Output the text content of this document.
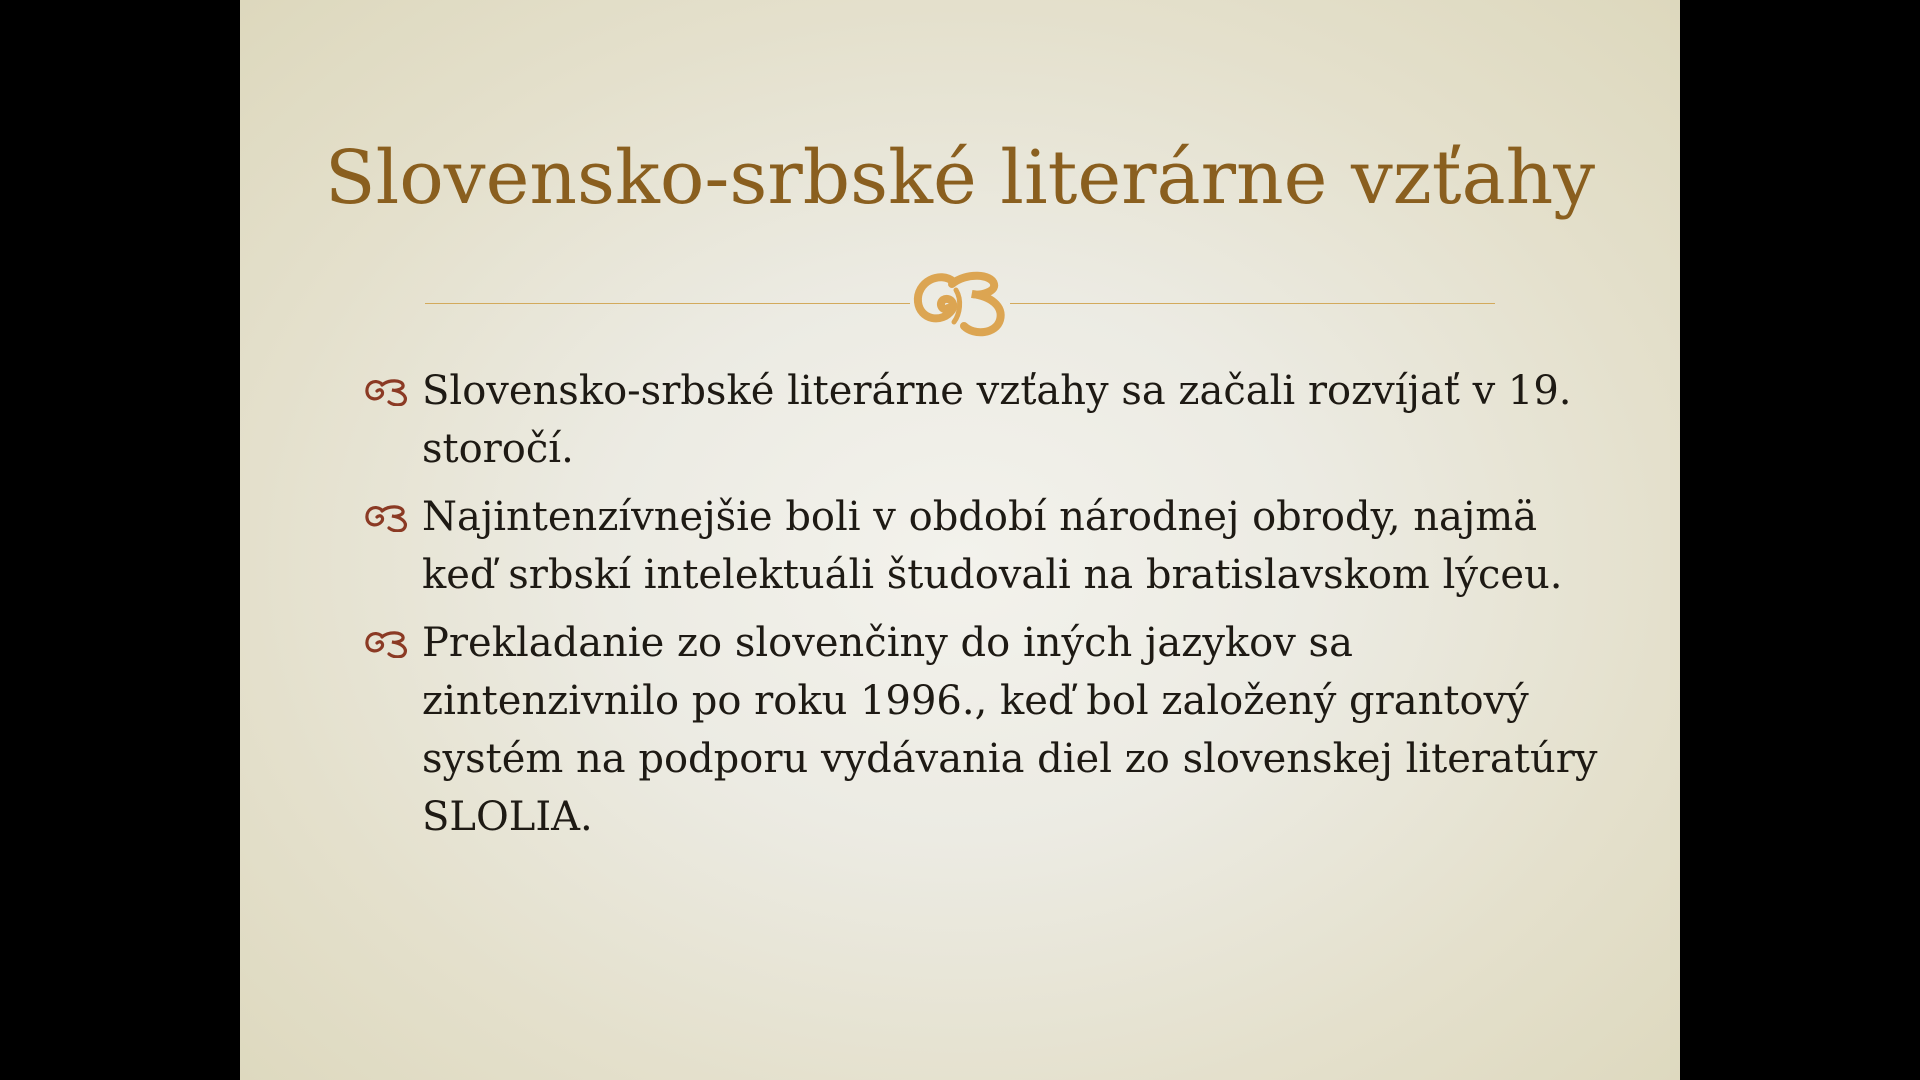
Slovensko-srbské literárne vzťahy
Slovensko-srbské literárne vzťahy sa začali rozvíjať v 19. storočí.
Najintenzívnejšie boli v období národnej obrody, najmä keď srbskí intelektuáli študovali na bratislavskom lýceu.
Prekladanie zo slovenčiny do iných jazykov sa zintenzivnilo po roku 1996., keď bol založený grantový systém na podporu vydávania diel zo slovenskej literatúry SLOLIA.
